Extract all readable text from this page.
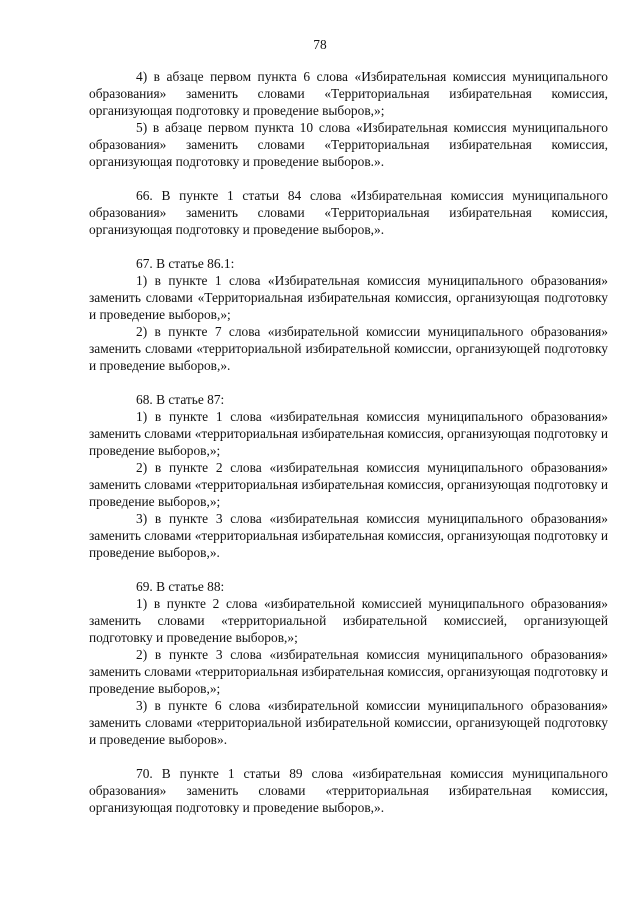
78

4) в абзаце первом пункта 6 слова «Избирательная комиссия муниципального образования» заменить словами «Территориальная избирательная комиссия, организующая подготовку и проведение выборов,»;

5) в абзаце первом пункта 10 слова «Избирательная комиссия муниципального образования» заменить словами «Территориальная избирательная комиссия, организующая подготовку и проведение выборов.».

66. В пункте 1 статьи 84 слова «Избирательная комиссия муниципального образования» заменить словами «Территориальная избирательная комиссия, организующая подготовку и проведение выборов,».

67. В статье 86.1:

1) в пункте 1 слова «Избирательная комиссия муниципального образования» заменить словами «Территориальная избирательная комиссия, организующая подготовку и проведение выборов,»;

2) в пункте 7 слова «избирательной комиссии муниципального образования» заменить словами «территориальной избирательной комиссии, организующей подготовку и проведение выборов,».

68. В статье 87:

1) в пункте 1 слова «избирательная комиссия муниципального образования» заменить словами «территориальная избирательная комиссия, организующая подготовку и проведение выборов,»;

2) в пункте 2 слова «избирательная комиссия муниципального образования» заменить словами «территориальная избирательная комиссия, организующая подготовку и проведение выборов,»;

3) в пункте 3 слова «избирательная комиссия муниципального образования» заменить словами «территориальная избирательная комиссия, организующая подготовку и проведение выборов,».

69. В статье 88:

1) в пункте 2 слова «избирательной комиссией муниципального образования» заменить словами «территориальной избирательной комиссией, организующей подготовку и проведение выборов,»;

2) в пункте 3 слова «избирательная комиссия муниципального образования» заменить словами «территориальная избирательная комиссия, организующая подготовку и проведение выборов,»;

3) в пункте 6 слова «избирательной комиссии муниципального образования» заменить словами «территориальной избирательной комиссии, организующей подготовку и проведение выборов».

70. В пункте 1 статьи 89 слова «избирательная комиссия муниципального образования» заменить словами «территориальная избирательная комиссия, организующая подготовку и проведение выборов,».
